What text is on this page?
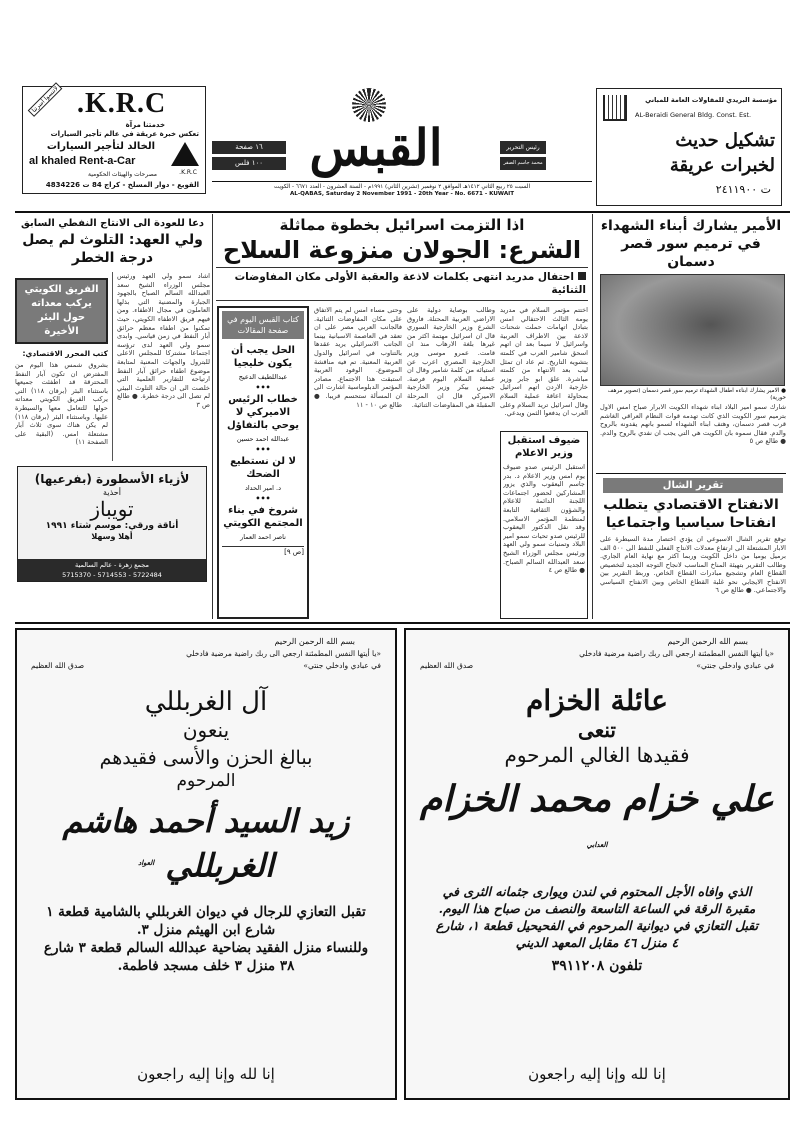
لاتنسوا أسرتنا K.R.C.
خدمتنا مرآة
تعكس خبرة عريقة في عالم تأجير السيارات
الخالد لتأجير السيارات
al khaled Rent-a-Car
K.R.C.
مصرحات والهيئات الحكومية
القويع - دوار المسلخ - كراج 84 ت 4834226
١٦ صفحة
١٠٠ فلس القبس	رئيس التحرير
محمد جاسم الصقر
مؤسسة البريدي للمقاولات العامة للمباني
AL-Beraidi General Bldg. Const. Est.
تشكيل حديث
لخبرات عريقة
ت ٢٤١١٩٠٠
السبت ٢٥ ربيع الثاني ١٤١٢هـ الموافق ٢ نوفمبر (تشرين الثاني) ١٩٩١م - السنة العشرون - العدد ٦٦٧١ - الكويت
AL-QABAS, Saturday 2 November 1991 - 20th Year - No. 6671 - KUWAIT
دعا للعودة الى الانتاج النفطي السابق
ولي العهد: التلوث لم يصل درجة الخطر
اشاد سمو ولي العهد ورئيس مجلس الوزراء الشيخ سعد العبدالله السالم الصباح بالجهود الجبارة والمضنية التي بذلها العاملون في مجال الاطفاء. ومن فيهم فريق الاطفاء الكويتي، حيث تمكنوا من اطفاء معظم حرائق آبار النفط في زمن قياسي. وابدى سمو ولي العهد لدى ترؤسه اجتماعا مشتركا للمجلس الاعلى للبترول والجهات المعنية لمتابعة موضوع اطفاء حرائق آبار النفط ارتياحه للتقارير العلمية التي خلصت الى ان حالة التلوث البيئي لم تصل الى درجة خطرة. ● طالع ص ٣
الفريق الكويتي يركب معداته حول البئر الأخيرة
كتب المحرر الاقتصادي:
بشروق شمس هذا اليوم من المفترض ان تكون آبار النفط المحترقة قد اطفئت جميعها باستثناء البئر (برقان ١١٨) التي يركب الفريق الكويتي معداته حولها للتعامل معها والسيطرة عليها. وباستثناء البئر (برقان ١١٨) لم يكن هناك سوى ثلاث آبار مشتعلة امس. (البقية على الصفحة ١١)
لأزياء الأسطورة (بفرعيها)
أحذية
تويباز
أناقة ورقي: موسم شتاء ١٩٩١
أهلا وسهلا
مجمع زهرة - عالم السالمية
5715370 - 5714553 - 5722484
اذا التزمت اسرائيل بخطوة مماثلة
الشرع: الجولان منزوعة السلاح
احتفال مدريد انتهى بكلمات لاذعة والعقبة الأولى مكان المفاوضات الثنائية
اختتم مؤتمر السلام في مدريد يومه الثالث الاحتفالي امس بتبادل اتهامات حملت شحنات لاذعة بين الاطراف العربية واسرائيل لا سيما بعد ان اتهم اسحق شامير العرب في كلمته بتشويه التاريخ. ثم عاد ان تمثل ليب بعد الانتهاء من كلمته مباشرة. علق ابو جابر وزير خارجية الاردن اتهم اسرائيل بمحاولة اعاقة عملية السلام وقال اسرائيل تريد السلام وعلى العرب ان يدفعوا الثمن ويدعي.
ضيوف استقبل وزير الاعلام
استقبل الرئيس صدو ضيوف يوم امس وزير الاعلام د. بدر جاسم اليعقوب والذي يزور المشاركين لحضور اجتماعات اللجنة الدائمة للاعلام والشؤون الثقافية التابعة لمنظمة المؤتمر الاسلامي. وقد نقل الدكتور اليعقوب للرئيس صدو تحيات سمو امير البلاد وتمنيات سمو ولي العهد ورئيس مجلس الوزراء الشيخ سعد العبدالله السالم الصباح. ● طالع ص ٤
وطالب بوصاية دولية على الاراضي العربية المحتلة. فاروق الشرع وزير الخارجية السوري قال ان اسرائيل مهتمة اكثر من غيرها بلغة الارهاب منذ ان قامت. عمرو موسى وزير الخارجية المصري اعرب عن استيائه من كلمة شامير وقال ان عملية السلام اليوم فرصة. جيمس بيكر وزير الخارجية الاميركي قال ان المرحلة المقبلة هي المفاوضات الثنائية.
وحتى مساء امس لم يتم الاتفاق على مكان المفاوضات الثنائية. فالجانب العربي مصر على ان تعقد في العاصمة الاسبانية بينما الجانب الاسرائيلي يريد عقدها بالتناوب في اسرائيل والدول العربية المعنية. تم فيه مناقشة الموضوع. الوفود العربية استبقت هذا الاجتماع. مصادر المؤتمر الدبلوماسية اشارت الى ان المسألة ستحسم قريبا. ● طالع ص ١٠ - ١١
كتاب القبس اليوم في صفحة المقالات
الحل يجب أن يكون خليجيا
عبداللطيف الدعيج
•••
خطاب الرئيس الاميركي لا يوحي بالتفاؤل
عبدالله احمد حسين
•••
لا لن نستطيع الضحك
د. امير الحداد
•••
شروخ في بناء المجتمع الكويتي
ناصر احمد العمار
[ص ٩]
الأمير يشارك أبناء الشهداء
في ترميم سور قصر دسمان
● الامير يشارك ابناءه اطفال الشهداء ترميم سور قصر دسمان (تصوير مرهف حورية)
شارك سمو امير البلاد ابناء شهداء الكويت الابرار صباح امس الاول بترميم سور الكويت الذي كانت تهدمه قوات النظام العراقي الغاشم قرب قصر دسمان، وهتف ابناء الشهداء لسمو بانهم يفدونه بالروح والدم. فقال سموه بان الكويت هي التي يجب ان نفدي بالروح والدم. ● طالع ص ٥
تقرير الشال
الانفتاح الاقتصادي يتطلب انفتاحا سياسيا واجتماعيا
توقع تقرير الشال الاسبوعي ان يؤدي اختصار مدة السيطرة على الابار المشتعلة الى ارتفاع معدلات الانتاج الفعلي للنفط الى ٥٠٠ الف برميل يوميا من داخل الكويت وربما اكثر مع نهاية العام الجاري. وطالب التقرير بتهيئة المناخ المناسب لانجاح التوجه الجديد لتخصيص القطاع العام وتشجيع مبادرات القطاع الخاص. وربط التقرير بين الانفتاح الايجابي نحو غلبة القطاع الخاص وبين الانفتاح السياسي والاجتماعي. ● طالع ص ٦
بسم الله الرحمن الرحيم
«يا أيتها النفس المطمئنة ارجعي الى ربك راضية مرضية فادخلي
في عبادي وادخلي جنتي»
صدق الله العظيم
عائلة الخزام
تنعى
فقيدها الغالي المرحوم
علي خزام محمد الخزام $^{العدابي}$
الذي وافاه الأجل المحتوم في لندن ويوارى جثمانه الثرى في مقبرة الرقة في الساعة التاسعة والنصف من صباح هذا اليوم. تقبل التعازي في ديوانية المرحوم في الفحيحيل قطعة ١، شارع ٤ منزل ٤٦ مقابل المعهد الديني
تلفون ٣٩١١٢٠٨
إنا لله وإنا إليه راجعون
بسم الله الرحمن الرحيم
«يا أيتها النفس المطمئنة ارجعي الى ربك راضية مرضية فادخلي
في عبادي وادخلي جنتي»
صدق الله العظيم
آل الغربللي
ينعون
ببالغ الحزن والأسى فقيدهم
المرحوم
زيد السيد أحمد هاشم الغربللي $^{العواد}$
تقبل التعازي للرجال في ديوان الغربللي بالشامية قطعة ١ شارع ابن الهيثم منزل ٣.
وللنساء منزل الفقيد بضاحية عبدالله السالم قطعة ٣ شارع ٣٨ منزل ٣ خلف مسجد فاطمة.
إنا لله وإنا إليه راجعون
